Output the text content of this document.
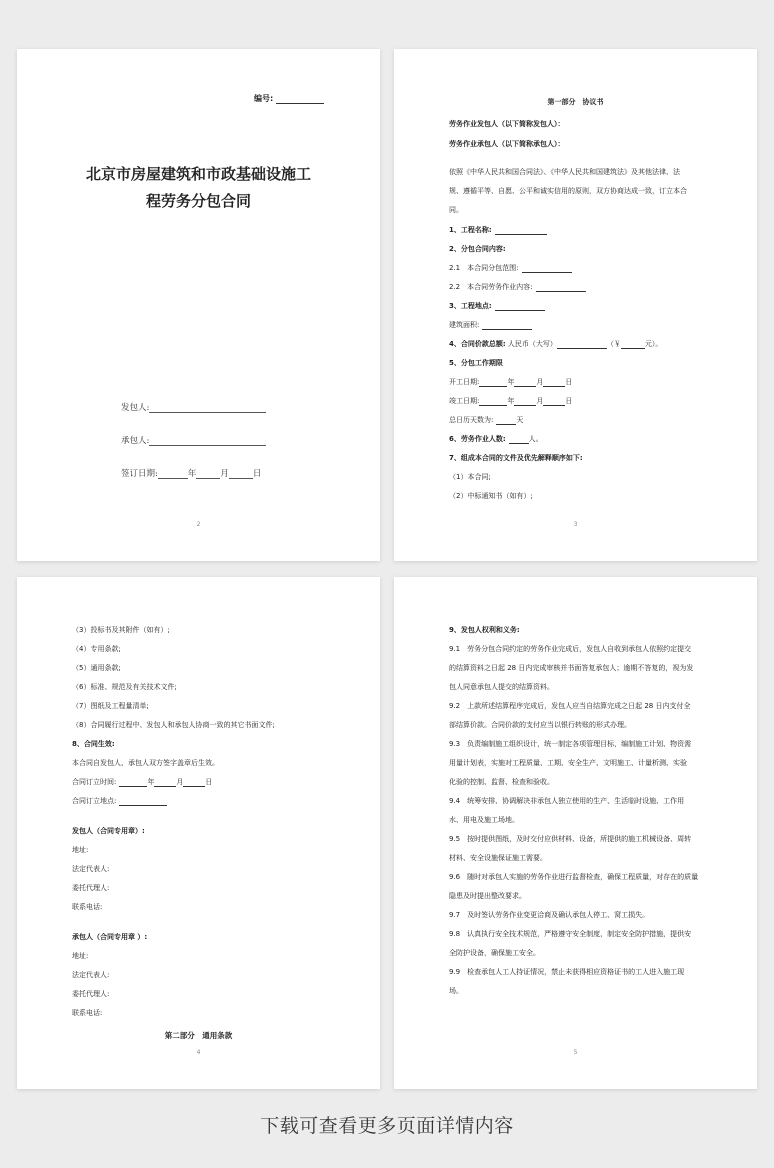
编号:
北京市房屋建筑和市政基础设施工
程劳务分包合同
发包人:
承包人:
签订日期:	年	月	日
2
第一部分　协议书
劳务作业发包人（以下简称发包人）：
劳务作业承包人（以下简称承包人）：
依照《中华人民共和国合同法》、《中华人民共和国建筑法》及其他法律、法
规、遵循平等、自愿、公平和诚实信用的原则，双方协商达成一致，订立本合
同。
1、工程名称:
2、分包合同内容:
2.1　本合同分包范围:
2.2　本合同劳务作业内容:
3、工程地点:
建筑面积:
4、合同价款总额: 人民币（大写）	（￥	元）。
5、分包工作期限
开工日期:	年	月	日
竣工日期:	年	月	日
总日历天数为:	天
6、劳务作业人数:	人。
7、组成本合同的文件及优先解释顺序如下:
（1）本合同;
（2）中标通知书（如有）;
3
（3）投标书及其附件（如有）;
（4）专用条款;
（5）通用条款;
（6）标准、规范及有关技术文件;
（7）图纸及工程量清单;
（8）合同履行过程中、发包人和承包人协商一致的其它书面文件;
8、合同生效:
本合同自发包人、承包人双方签字盖章后生效。
合同订立时间:	年	月	日
合同订立地点:
发包人（合同专用章）:
地址:
法定代表人:
委托代理人:
联系电话:
承包人（合同专用章 ）:
地址:
法定代表人:
委托代理人:
联系电话:
第二部分　通用条款
4
9、发包人权利和义务:
9.1　劳务分包合同约定的劳务作业完成后，发包人自收到承包人依照约定提交
的结算资料之日起 28 日内完成审核并书面答复承包人；逾期不答复的，视为发
包人同意承包人提交的结算资料。
9.2　上款所述结算程序完成后，发包人应当自结算完成之日起 28 日内支付全
部结算价款。合同价款的支付应当以银行转账的形式办理。
9.3　负责编制施工组织设计，统一制定各项管理目标，编制施工计划、物资需
用量计划表，实施对工程质量、工期、安全生产、文明施工、计量析测、实验
化验的控制、监督、检查和验收。
9.4　统筹安排、协调解决非承包人独立使用的生产、生活临时设施、工作用
水、用电及施工场地。
9.5　按时提供图纸，及时交付应供材料、设备，所提供的施工机械设备、周转
材料、安全设施保证施工需要。
9.6　随时对承包人实施的劳务作业进行监督检查，确保工程质量，对存在的质量
隐患及时提出整改要求。
9.7　及时签认劳务作业变更洽商及确认承包人停工、窝工损失。
9.8　认真执行安全技术规范，严格遵守安全制度，制定安全防护措施，提供安
全防护设备，确保施工安全。
9.9　检查承包人工人持证情况，禁止未获得相应资格证书的工人进入施工现
场。
5
下载可查看更多页面详情内容
